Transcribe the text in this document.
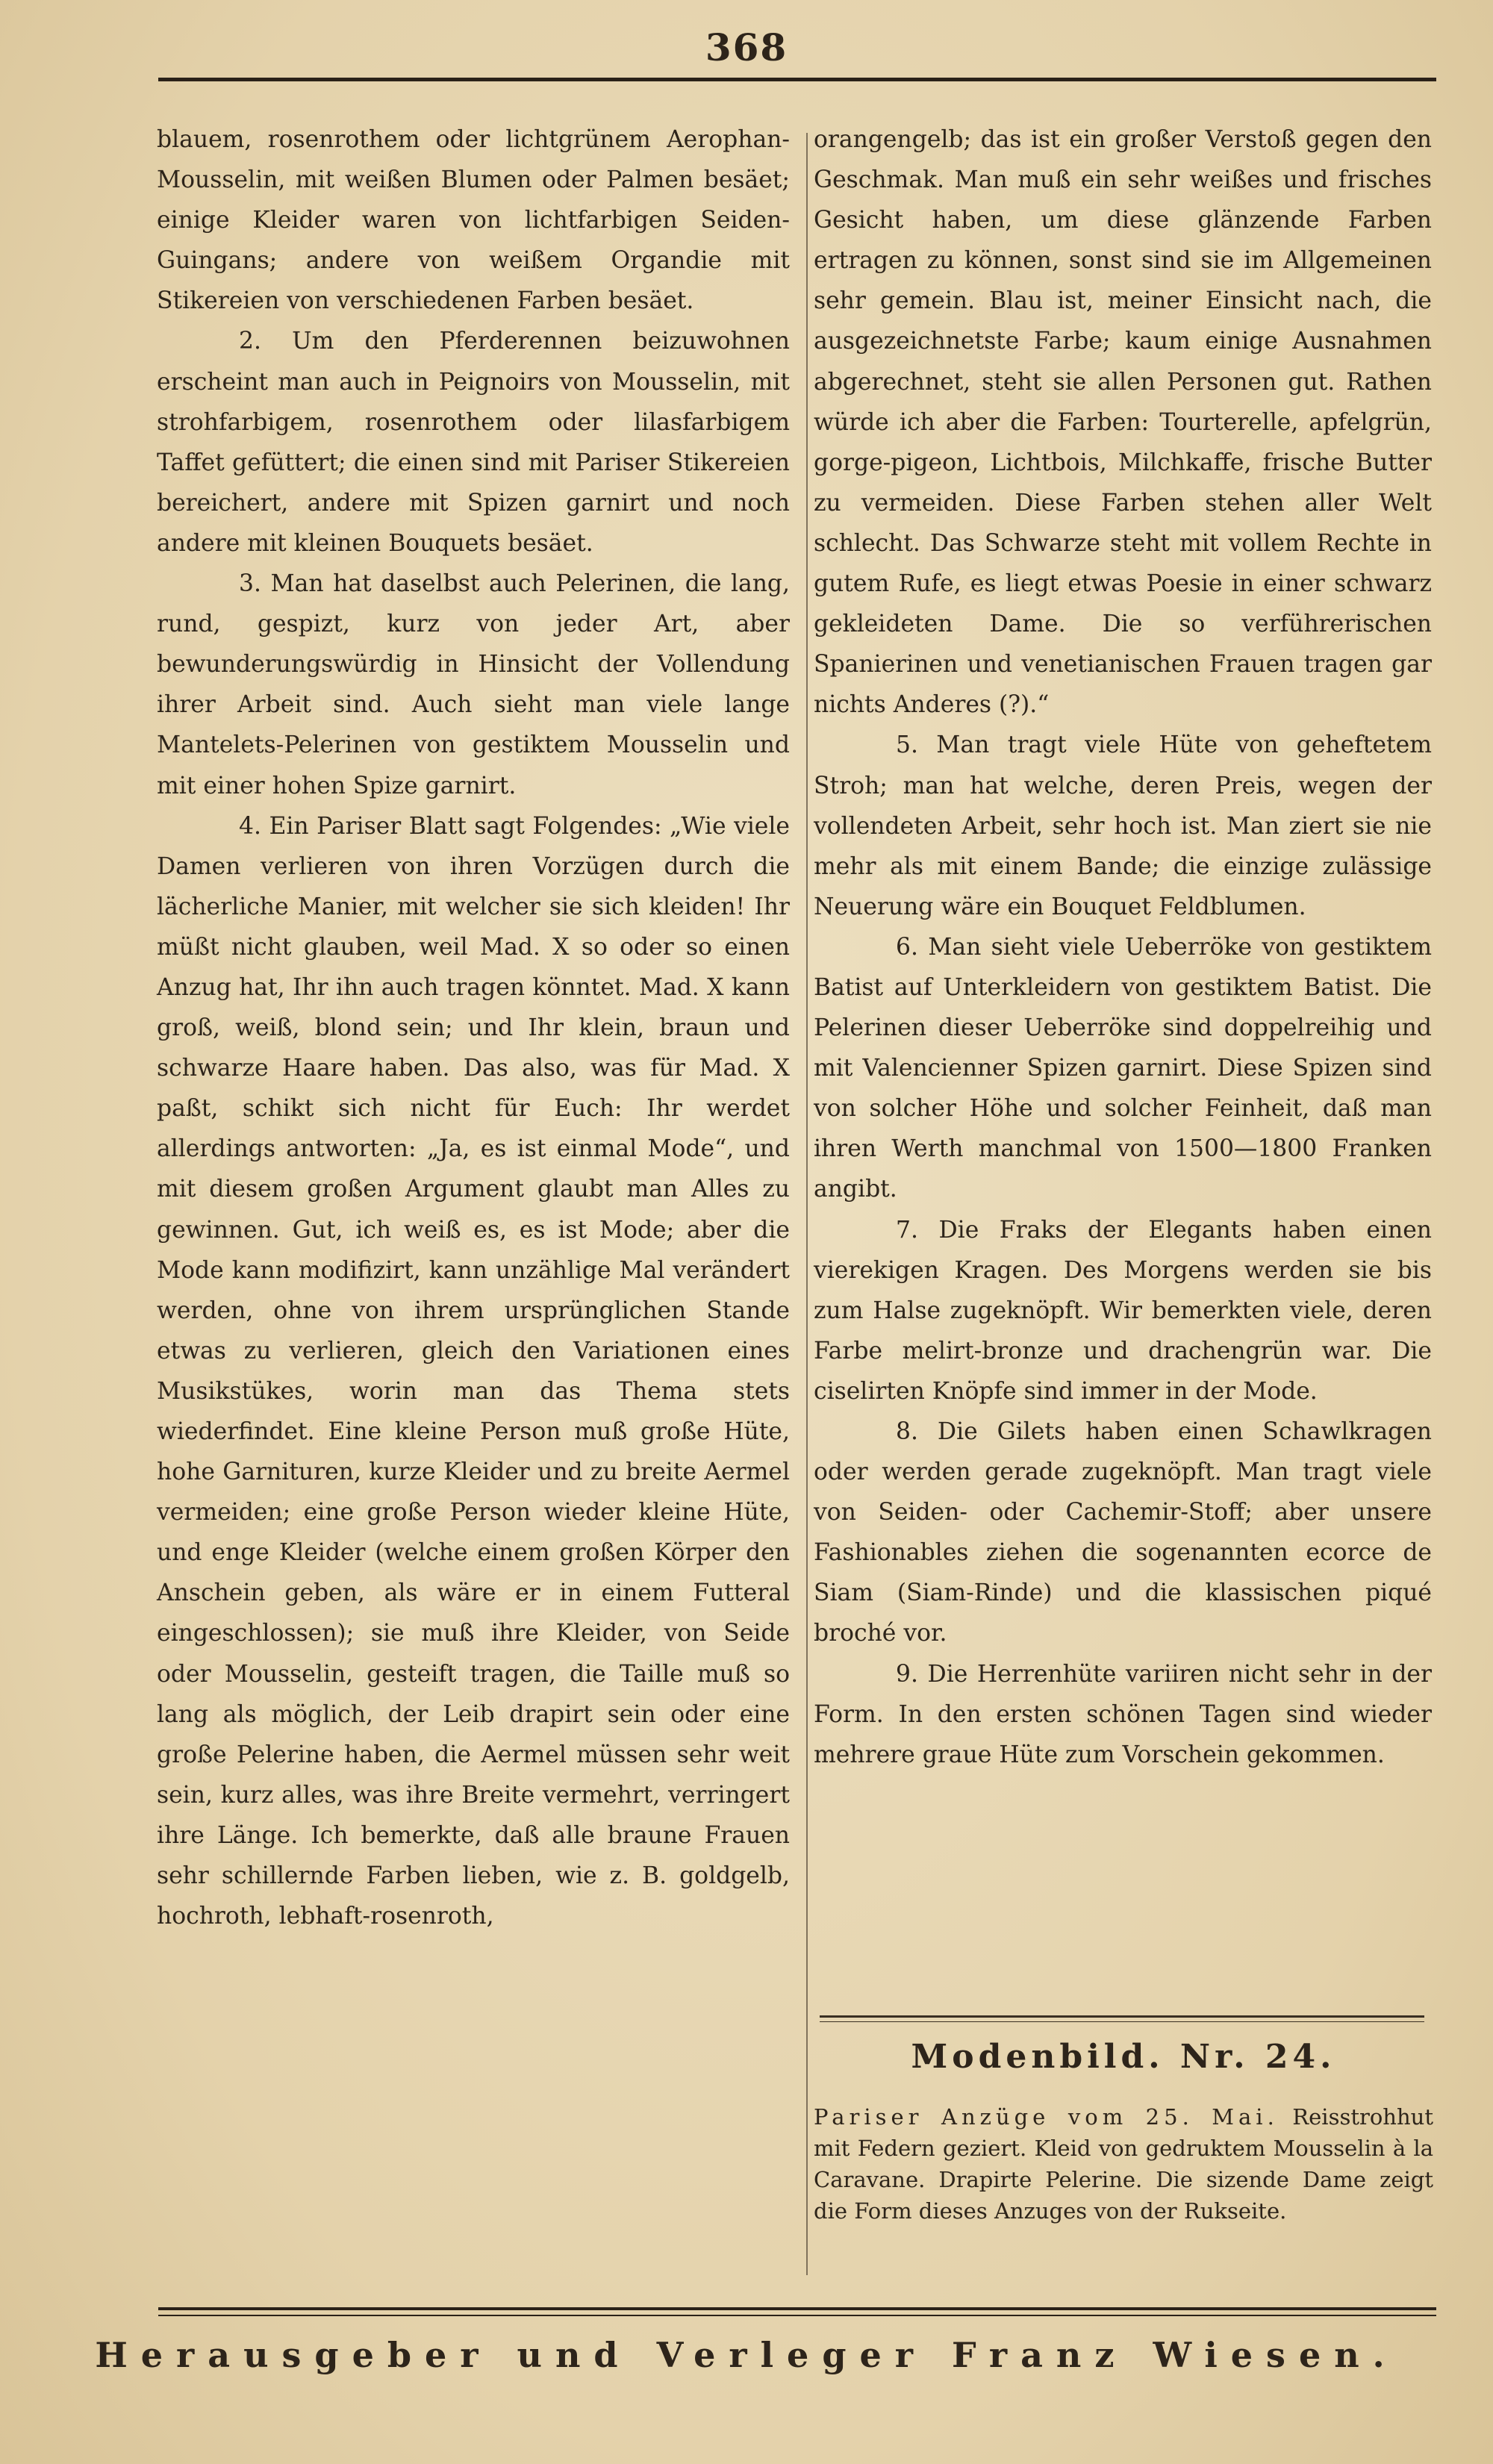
368

blauem, rosenrothem oder lichtgrünem Aerophan-Mousselin, mit weißen Blumen oder Palmen besäet; einige Kleider waren von lichtfarbigen Seiden-Guingans; andere von weißem Organdie mit Stikereien von verschiedenen Farben besäet.

2. Um den Pferderennen beizuwohnen erscheint man auch in Peignoirs von Mousselin, mit strohfarbigem, rosenrothem oder lilasfarbigem Taffet gefüttert; die einen sind mit Pariser Stikereien bereichert, andere mit Spizen garnirt und noch andere mit kleinen Bouquets besäet.

3. Man hat daselbst auch Pelerinen, die lang, rund, gespizt, kurz von jeder Art, aber bewunderungswürdig in Hinsicht der Vollendung ihrer Arbeit sind. Auch sieht man viele lange Mantelets-Pelerinen von gestiktem Mousselin und mit einer hohen Spize garnirt.

4. Ein Pariser Blatt sagt Folgendes: „Wie viele Damen verlieren von ihren Vorzügen durch die lächerliche Manier, mit welcher sie sich kleiden! Ihr müßt nicht glauben, weil Mad. X so oder so einen Anzug hat, Ihr ihn auch tragen könntet. Mad. X kann groß, weiß, blond sein; und Ihr klein, braun und schwarze Haare haben. Das also, was für Mad. X paßt, schikt sich nicht für Euch: Ihr werdet allerdings antworten: „Ja, es ist einmal Mode“, und mit diesem großen Argument glaubt man Alles zu gewinnen. Gut, ich weiß es, es ist Mode; aber die Mode kann modifizirt, kann unzählige Mal verändert werden, ohne von ihrem ursprünglichen Stande etwas zu verlieren, gleich den Variationen eines Musikstükes, worin man das Thema stets wiederfindet. Eine kleine Person muß große Hüte, hohe Garnituren, kurze Kleider und zu breite Aermel vermeiden; eine große Person wieder kleine Hüte, und enge Kleider (welche einem großen Körper den Anschein geben, als wäre er in einem Futteral eingeschlossen); sie muß ihre Kleider, von Seide oder Mousselin, gesteift tragen, die Taille muß so lang als möglich, der Leib drapirt sein oder eine große Pelerine haben, die Aermel müssen sehr weit sein, kurz alles, was ihre Breite vermehrt, verringert ihre Länge. Ich bemerkte, daß alle braune Frauen sehr schillernde Farben lieben, wie z. B. goldgelb, hochroth, lebhaft-rosenroth,

orangengelb; das ist ein großer Verstoß gegen den Geschmak. Man muß ein sehr weißes und frisches Gesicht haben, um diese glänzende Farben ertragen zu können, sonst sind sie im Allgemeinen sehr gemein. Blau ist, meiner Einsicht nach, die ausgezeichnetste Farbe; kaum einige Ausnahmen abgerechnet, steht sie allen Personen gut. Rathen würde ich aber die Farben: Tourterelle, apfelgrün, gorge-pigeon, Lichtbois, Milchkaffe, frische Butter zu vermeiden. Diese Farben stehen aller Welt schlecht. Das Schwarze steht mit vollem Rechte in gutem Rufe, es liegt etwas Poesie in einer schwarz gekleideten Dame. Die so verführerischen Spanierinen und venetianischen Frauen tragen gar nichts Anderes (?).“

5. Man tragt viele Hüte von geheftetem Stroh; man hat welche, deren Preis, wegen der vollendeten Arbeit, sehr hoch ist. Man ziert sie nie mehr als mit einem Bande; die einzige zulässige Neuerung wäre ein Bouquet Feldblumen.

6. Man sieht viele Ueberröke von gestiktem Batist auf Unterkleidern von gestiktem Batist. Die Pelerinen dieser Ueberröke sind doppelreihig und mit Valencienner Spizen garnirt. Diese Spizen sind von solcher Höhe und solcher Feinheit, daß man ihren Werth manchmal von 1500—1800 Franken angibt.

7. Die Fraks der Elegants haben einen vierekigen Kragen. Des Morgens werden sie bis zum Halse zugeknöpft. Wir bemerkten viele, deren Farbe melirt-bronze und drachengrün war. Die ciselirten Knöpfe sind immer in der Mode.

8. Die Gilets haben einen Schawlkragen oder werden gerade zugeknöpft. Man tragt viele von Seiden- oder Cachemir-Stoff; aber unsere Fashionables ziehen die sogenannten ecorce de Siam (Siam-Rinde) und die klassischen piqué broché vor.

9. Die Herrenhüte variiren nicht sehr in der Form. In den ersten schönen Tagen sind wieder mehrere graue Hüte zum Vorschein gekommen.

Modenbild. Nr. 24.
Pariser Anzüge vom 25. Mai. Reisstrohhut mit Federn geziert. Kleid von gedruktem Mousselin à la Caravane. Drapirte Pelerine. Die sizende Dame zeigt die Form dieses Anzuges von der Rukseite.
Herausgeber und Verleger Franz Wiesen.
